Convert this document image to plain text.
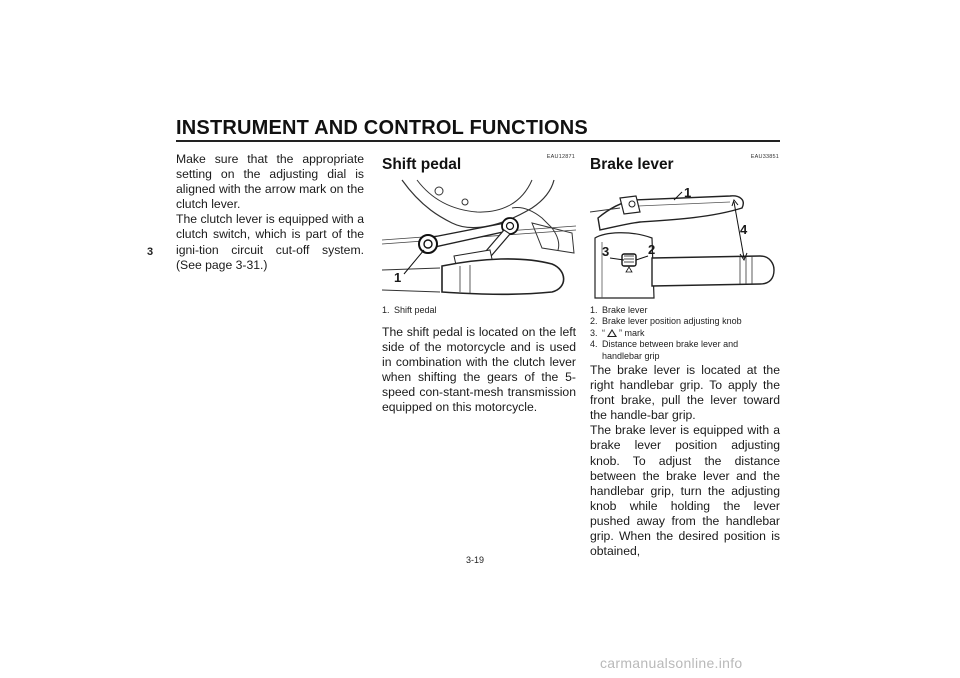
INSTRUMENT AND CONTROL FUNCTIONS
3

Make sure that the appropriate setting on the adjusting dial is aligned with the arrow mark on the clutch lever.

The clutch lever is equipped with a clutch switch, which is part of the igni-tion circuit cut-off system. (See page 3-31.)

EAU12871
Shift pedal
1
1. Shift pedal

The shift pedal is located on the left side of the motorcycle and is used in combination with the clutch lever when shifting the gears of the 5-speed con-stant-mesh transmission equipped on this motorcycle.

EAU33851
Brake lever
1
2
3
4
1. Brake lever
2. Brake lever position adjusting knob
3. “ ” mark
4. Distance between brake lever and handlebar grip

The brake lever is located at the right handlebar grip. To apply the front brake, pull the lever toward the handle-bar grip.

The brake lever is equipped with a brake lever position adjusting knob. To adjust the distance between the brake lever and the handlebar grip, turn the adjusting knob while holding the lever pushed away from the handlebar grip. When the desired position is obtained,

3-19
carmanualsonline.info
